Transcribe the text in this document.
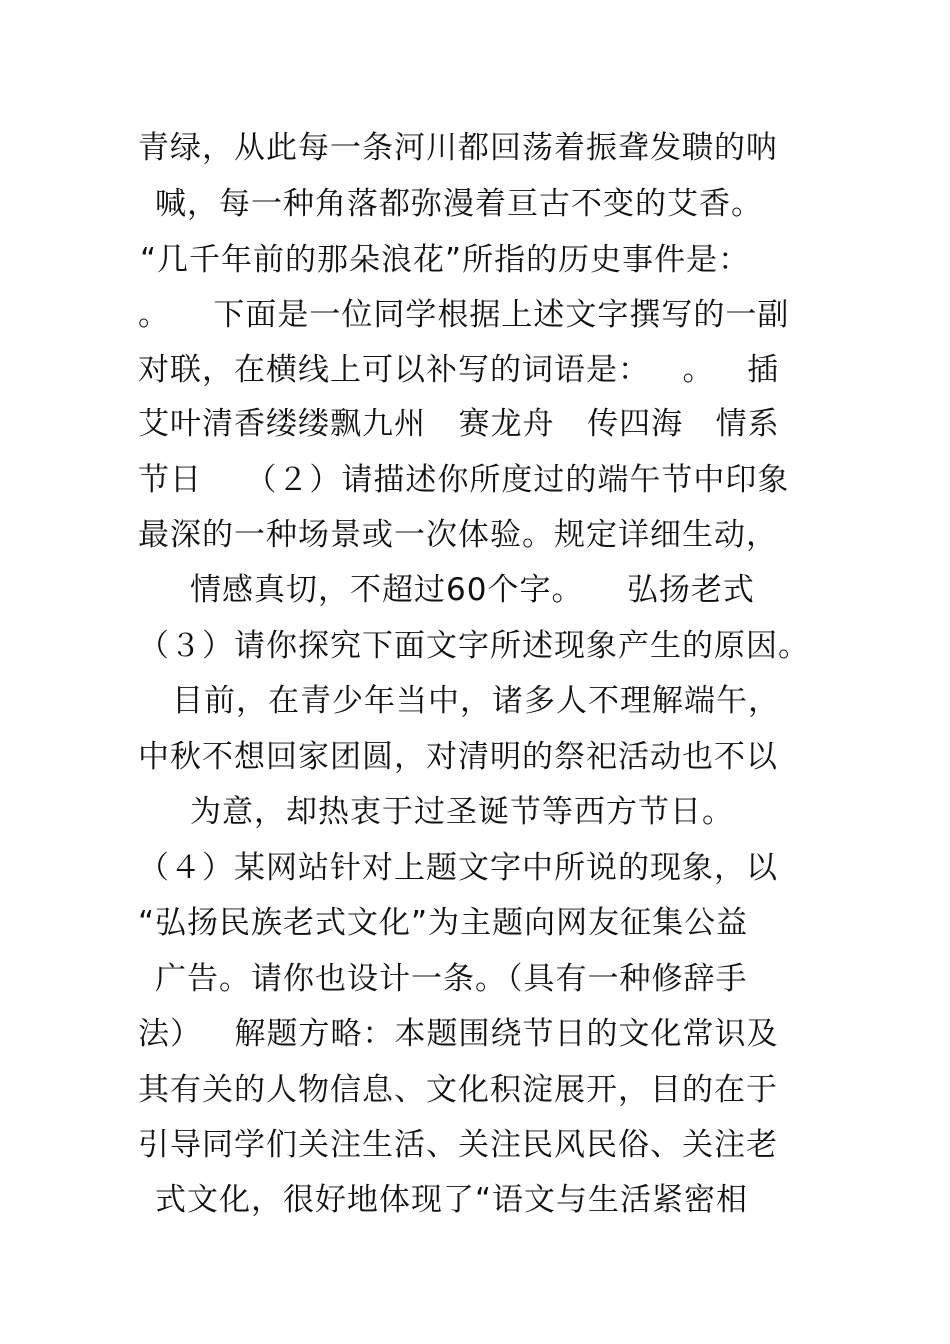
青绿，从此每一条河川都回荡着振聋发聩的呐
喊，每一种角落都弥漫着亘古不变的艾香。
“几千年前的那朵浪花”所指的历史事件是：
。    下面是一位同学根据上述文字撰写的一副
对联，在横线上可以补写的词语是：   。   插
艾叶清香缕缕飘九州   赛龙舟   传四海   情系
节日    （２）请描述你所度过的端午节中印象
最深的一种场景或一次体验。规定详细生动，
情感真切，不超过60个字。    弘扬老式
（３）请你探究下面文字所述现象产生的原因。
目前，在青少年当中，诸多人不理解端午，
中秋不想回家团圆，对清明的祭祀活动也不以
为意，却热衷于过圣诞节等西方节日。
（４）某网站针对上题文字中所说的现象，以
“弘扬民族老式文化”为主题向网友征集公益
广告。请你也设计一条。（具有一种修辞手
法）   解题方略：本题围绕节日的文化常识及
其有关的人物信息、文化积淀展开，目的在于
引导同学们关注生活、关注民风民俗、关注老
式文化，很好地体现了“语文与生活紧密相
